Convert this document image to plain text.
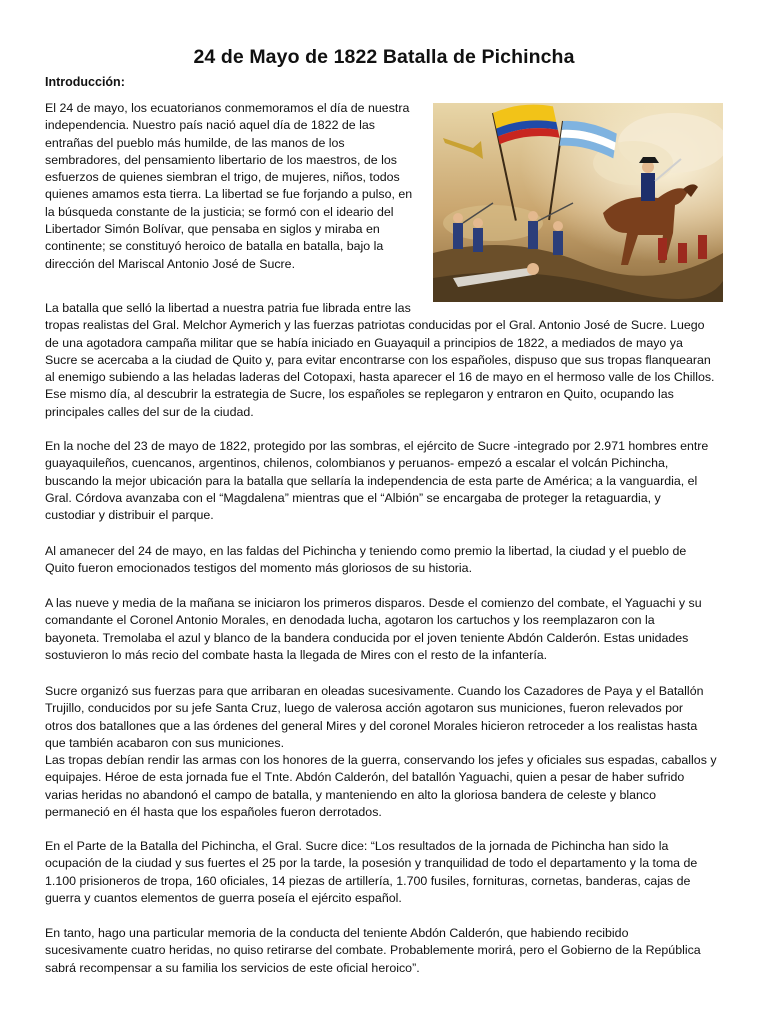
24 de Mayo de 1822 Batalla de Pichincha
Introducción:

El 24 de mayo, los ecuatorianos conmemoramos el día de nuestra
independencia. Nuestro país nació aquel día de 1822 de las
entrañas del pueblo más humilde, de las manos de los
sembradores, del pensamiento libertario de los maestros, de los
esfuerzos de quienes siembran el trigo, de mujeres, niños, todos
quienes amamos esta tierra. La libertad se fue forjando a pulso, en
la búsqueda constante de la justicia; se formó con el ideario del
Libertador Simón Bolívar, que pensaba en siglos y miraba en
continente; se constituyó heroico de batalla en batalla, bajo la
dirección del Mariscal Antonio José de Sucre.

La batalla que selló la libertad a nuestra patria fue librada entre las
tropas realistas del Gral. Melchor Aymerich y las fuerzas patriotas conducidas por el Gral. Antonio José de Sucre. Luego
de una agotadora campaña militar que se había iniciado en Guayaquil a principios de 1822, a mediados de mayo ya
Sucre se acercaba a la ciudad de Quito y, para evitar encontrarse con los españoles, dispuso que sus tropas flanquearan
al enemigo subiendo a las heladas laderas del Cotopaxi, hasta aparecer el 16 de mayo en el hermoso valle de los Chillos.
Ese mismo día, al descubrir la estrategia de Sucre, los españoles se replegaron y entraron en Quito, ocupando las
principales calles del sur de la ciudad.

En la noche del 23 de mayo de 1822, protegido por las sombras, el ejército de Sucre -integrado por 2.971 hombres entre
guayaquileños, cuencanos, argentinos, chilenos, colombianos y peruanos- empezó a escalar el volcán Pichincha,
buscando la mejor ubicación para la batalla que sellaría la independencia de esta parte de América; a la vanguardia, el
Gral. Córdova avanzaba con el “Magdalena” mientras que el “Albión” se encargaba de proteger la retaguardia, y
custodiar y distribuir el parque.

Al amanecer del 24 de mayo, en las faldas del Pichincha y teniendo como premio la libertad, la ciudad y el pueblo de
Quito fueron emocionados testigos del momento más gloriosos de su historia.

A las nueve y media de la mañana se iniciaron los primeros disparos. Desde el comienzo del combate, el Yaguachi y su
comandante el Coronel Antonio Morales, en denodada lucha, agotaron los cartuchos y los reemplazaron con la
bayoneta. Tremolaba el azul y blanco de la bandera conducida por el joven teniente Abdón Calderón. Estas unidades
sostuvieron lo más recio del combate hasta la llegada de Mires con el resto de la infantería.

Sucre organizó sus fuerzas para que arribaran en oleadas sucesivamente. Cuando los Cazadores de Paya y el Batallón
Trujillo, conducidos por su jefe Santa Cruz, luego de valerosa acción agotaron sus municiones, fueron relevados por
otros dos batallones que a las órdenes del general Mires y del coronel Morales hicieron retroceder a los realistas hasta
que también acabaron con sus municiones.
Las tropas debían rendir las armas con los honores de la guerra, conservando los jefes y oficiales sus espadas, caballos y
equipajes. Héroe de esta jornada fue el Tnte. Abdón Calderón, del batallón Yaguachi, quien a pesar de haber sufrido
varias heridas no abandonó el campo de batalla, y manteniendo en alto la gloriosa bandera de celeste y blanco
permaneció en él hasta que los españoles fueron derrotados.

En el Parte de la Batalla del Pichincha, el Gral. Sucre dice: “Los resultados de la jornada de Pichincha han sido la
ocupación de la ciudad y sus fuertes el 25 por la tarde, la posesión y tranquilidad de todo el departamento y la toma de
1.100 prisioneros de tropa, 160 oficiales, 14 piezas de artillería, 1.700 fusiles, fornituras, cornetas, banderas, cajas de
guerra y cuantos elementos de guerra poseía el ejército español.

En tanto, hago una particular memoria de la conducta del teniente Abdón Calderón, que habiendo recibido
sucesivamente cuatro heridas, no quiso retirarse del combate. Probablemente morirá, pero el Gobierno de la República
sabrá recompensar a su familia los servicios de este oficial heroico”.
